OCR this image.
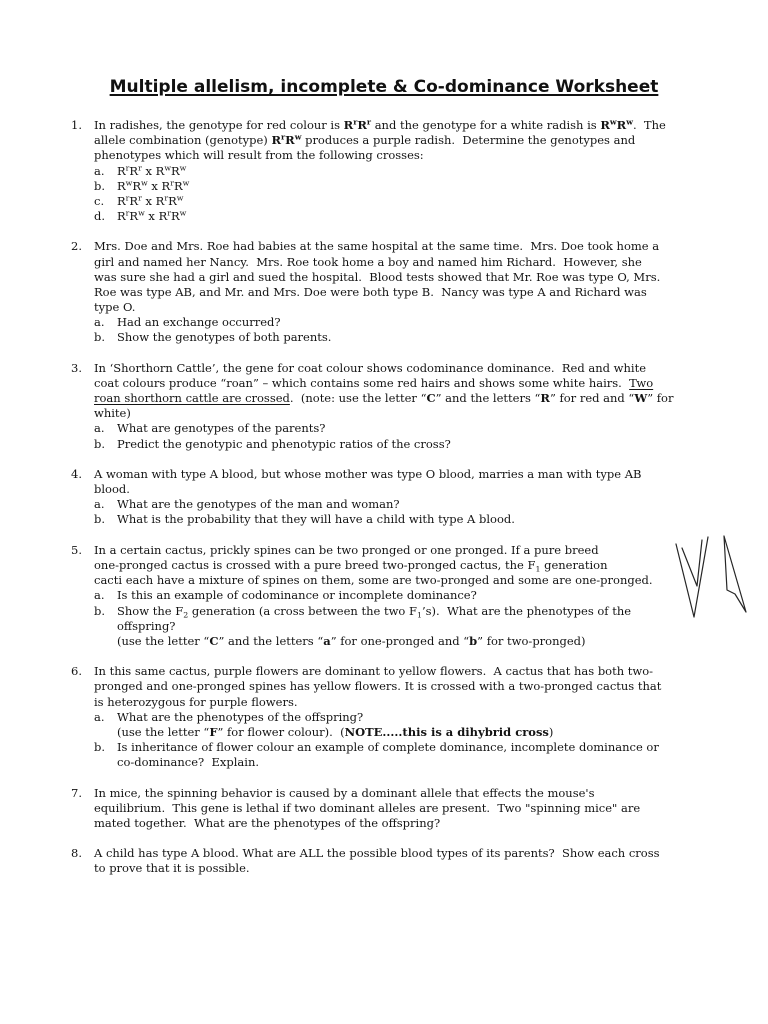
Multiple allelism, incomplete & Co-dominance Worksheet
1.	In radishes, the genotype for red colour is $R^rR^r$ and the genotype for a white radish is $R^wR^w$.  The
allele combination (genotype) $R^rR^w$ produces a purple radish.  Determine the genotypes and
phenotypes which will result from the following crosses:
a.	$R^rR^r$ x $R^wR^w$
b.	$R^wR^w$ x $R^rR^w$
c.	$R^rR^r$ x $R^rR^w$
d.	$R^rR^w$ x $R^rR^w$
2.	Mrs. Doe and Mrs. Roe had babies at the same hospital at the same time.  Mrs. Doe took home a
girl and named her Nancy.  Mrs. Roe took home a boy and named him Richard.  However, she
was sure she had a girl and sued the hospital.  Blood tests showed that Mr. Roe was type O, Mrs.
Roe was type AB, and Mr. and Mrs. Doe were both type B.  Nancy was type A and Richard was
type O.
a.	Had an exchange occurred?
b.	Show the genotypes of both parents.
3.	In ‘Shorthorn Cattle’, the gene for coat colour shows codominance dominance.  Red and white
coat colours produce “roan” – which contains some red hairs and shows some white hairs.  Two
roan shorthorn cattle are crossed.  (note: use the letter “C” and the letters “R” for red and “W” for
white)
a.	What are genotypes of the parents?
b.	Predict the genotypic and phenotypic ratios of the cross?
4.	A woman with type A blood, but whose mother was type O blood, marries a man with type AB
blood.
a.	What are the genotypes of the man and woman?
b.	What is the probability that they will have a child with type A blood.
5.	In a certain cactus, prickly spines can be two pronged or one pronged. If a pure breed
one-pronged cactus is crossed with a pure breed two-pronged cactus, the $F_1$ generation
cacti each have a mixture of spines on them, some are two-pronged and some are one-pronged.
a.	Is this an example of codominance or incomplete dominance?
b.	Show the $F_2$ generation (a cross between the two $F_1’s$).  What are the phenotypes of the
offspring?
(use the letter “C” and the letters “a” for one-pronged and “b” for two-pronged)
6.	In this same cactus, purple flowers are dominant to yellow flowers.  A cactus that has both two-
pronged and one-pronged spines has yellow flowers. It is crossed with a two-pronged cactus that
is heterozygous for purple flowers.
a.	What are the phenotypes of the offspring?
(use the letter “F” for flower colour).  (NOTE.....this is a dihybrid cross)
b.	Is inheritance of flower colour an example of complete dominance, incomplete dominance or
co-dominance?  Explain.
7.	In mice, the spinning behavior is caused by a dominant allele that effects the mouse's
equilibrium.  This gene is lethal if two dominant alleles are present.  Two "spinning mice" are
mated together.  What are the phenotypes of the offspring?
8.	A child has type A blood. What are ALL the possible blood types of its parents?  Show each cross
to prove that it is possible.
